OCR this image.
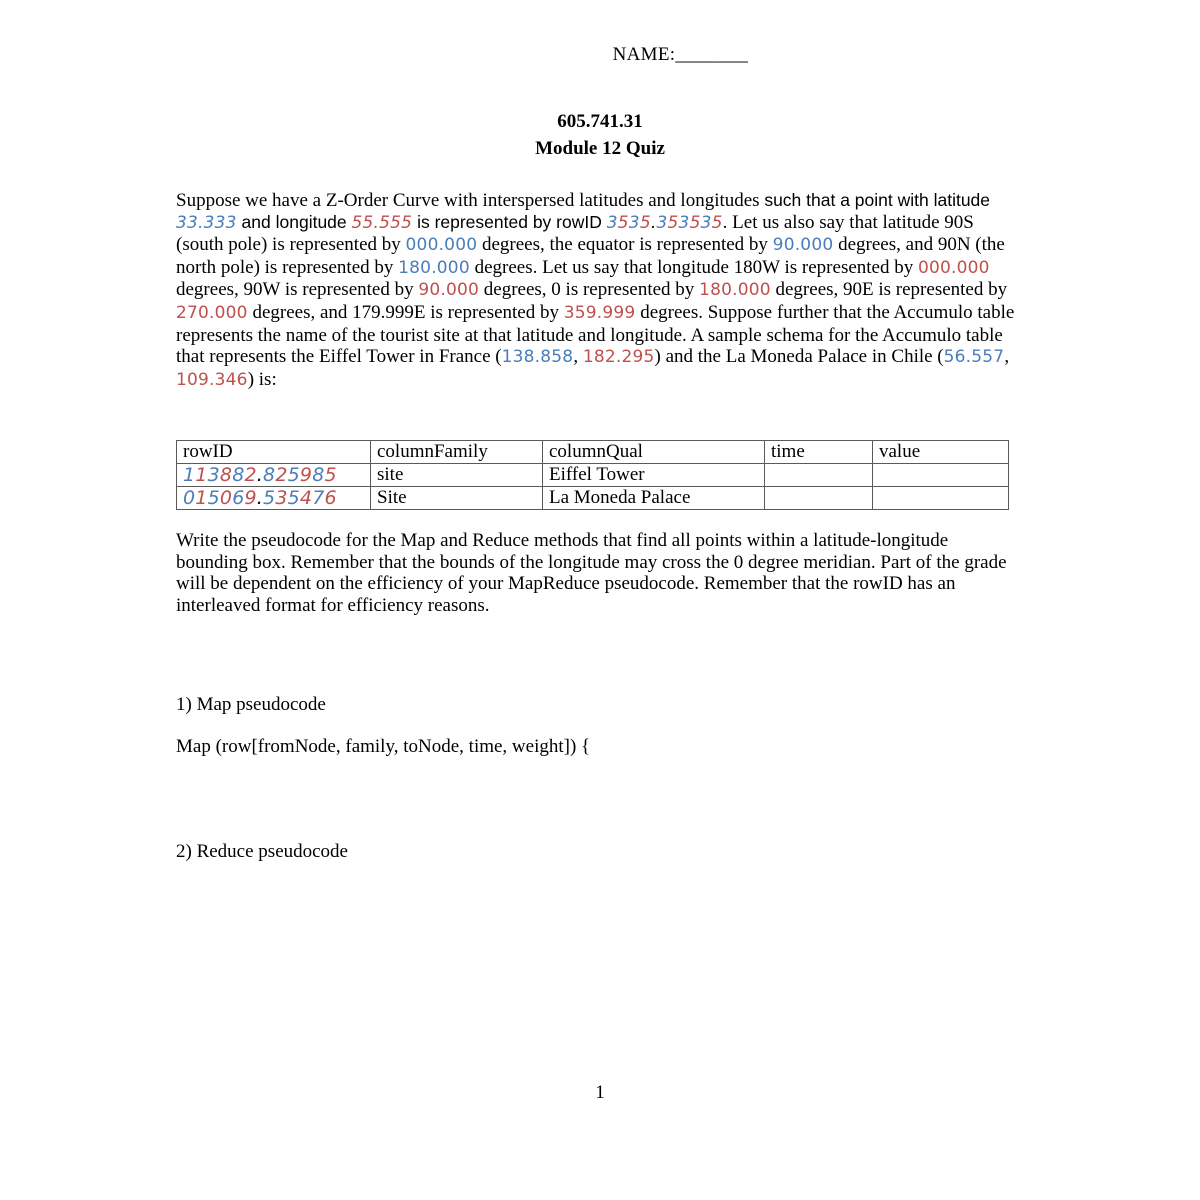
NAME:________
605.741.31
Module 12 Quiz

Suppose we have a Z-Order Curve with interspersed latitudes and longitudes such that a point with latitude 33.333 and longitude 55.555 is represented by rowID 3535.353535. Let us also say that latitude 90S (south pole) is represented by 000.000 degrees, the equator is represented by 90.000 degrees, and 90N (the north pole) is represented by 180.000 degrees. Let us say that longitude 180W is represented by 000.000 degrees, 90W is represented by 90.000 degrees, 0 is represented by 180.000 degrees, 90E is represented by 270.000 degrees, and 179.999E is represented by 359.999 degrees. Suppose further that the Accumulo table represents the name of the tourist site at that latitude and longitude. A sample schema for the Accumulo table that represents the Eiffel Tower in France (138.858, 182.295) and the La Moneda Palace in Chile (56.557, 109.346) is:

rowID	columnFamily	columnQual	time	value
113882.825985	site	Eiffel Tower		
015069.535476	Site	La Moneda Palace		

Write the pseudocode for the Map and Reduce methods that find all points within a latitude-longitude bounding box. Remember that the bounds of the longitude may cross the 0 degree meridian. Part of the grade will be dependent on the efficiency of your MapReduce pseudocode. Remember that the rowID has an interleaved format for efficiency reasons.

1) Map pseudocode
Map (row[fromNode, family, toNode, time, weight]) {
2) Reduce pseudocode
1
